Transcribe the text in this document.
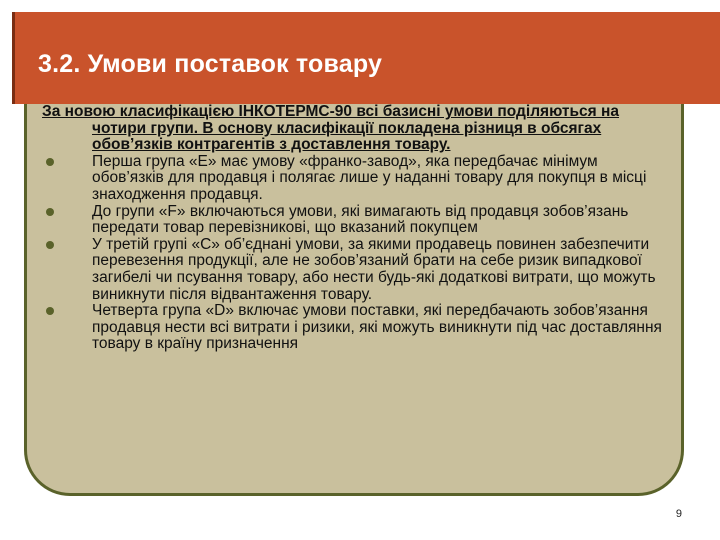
3.2. Умови поставок товару

За новою класифікацією ІНКОТЕРМС-90 всі базисні умови поділяються на чотири групи. В основу класифікації покладена різниця в обсягах обов’язків контрагентів з доставлення товару.

Перша група «Е» має умову «франко-завод», яка передбачає мінімум обов’язків для продавця і полягає лише у наданні товару для покупця в місці знаходження продавця.
До групи «F» включаються умови, які вимагають від продавця зобов’язань передати товар перевізникові, що вказаний покупцем
У третій групі «С» об’єднані умови, за якими продавець повинен забезпечити перевезення продукції, але не зобов’язаний брати на себе ризик випадкової загибелі чи псування товару, або нести будь-які додаткові витрати, що можуть виникнути після відвантаження товару.
Четверта група «D» включає умови поставки, які передбачають зобов’язання продавця нести всі витрати і ризики, які можуть виникнути під час доставляння товару в країну призначення
9
